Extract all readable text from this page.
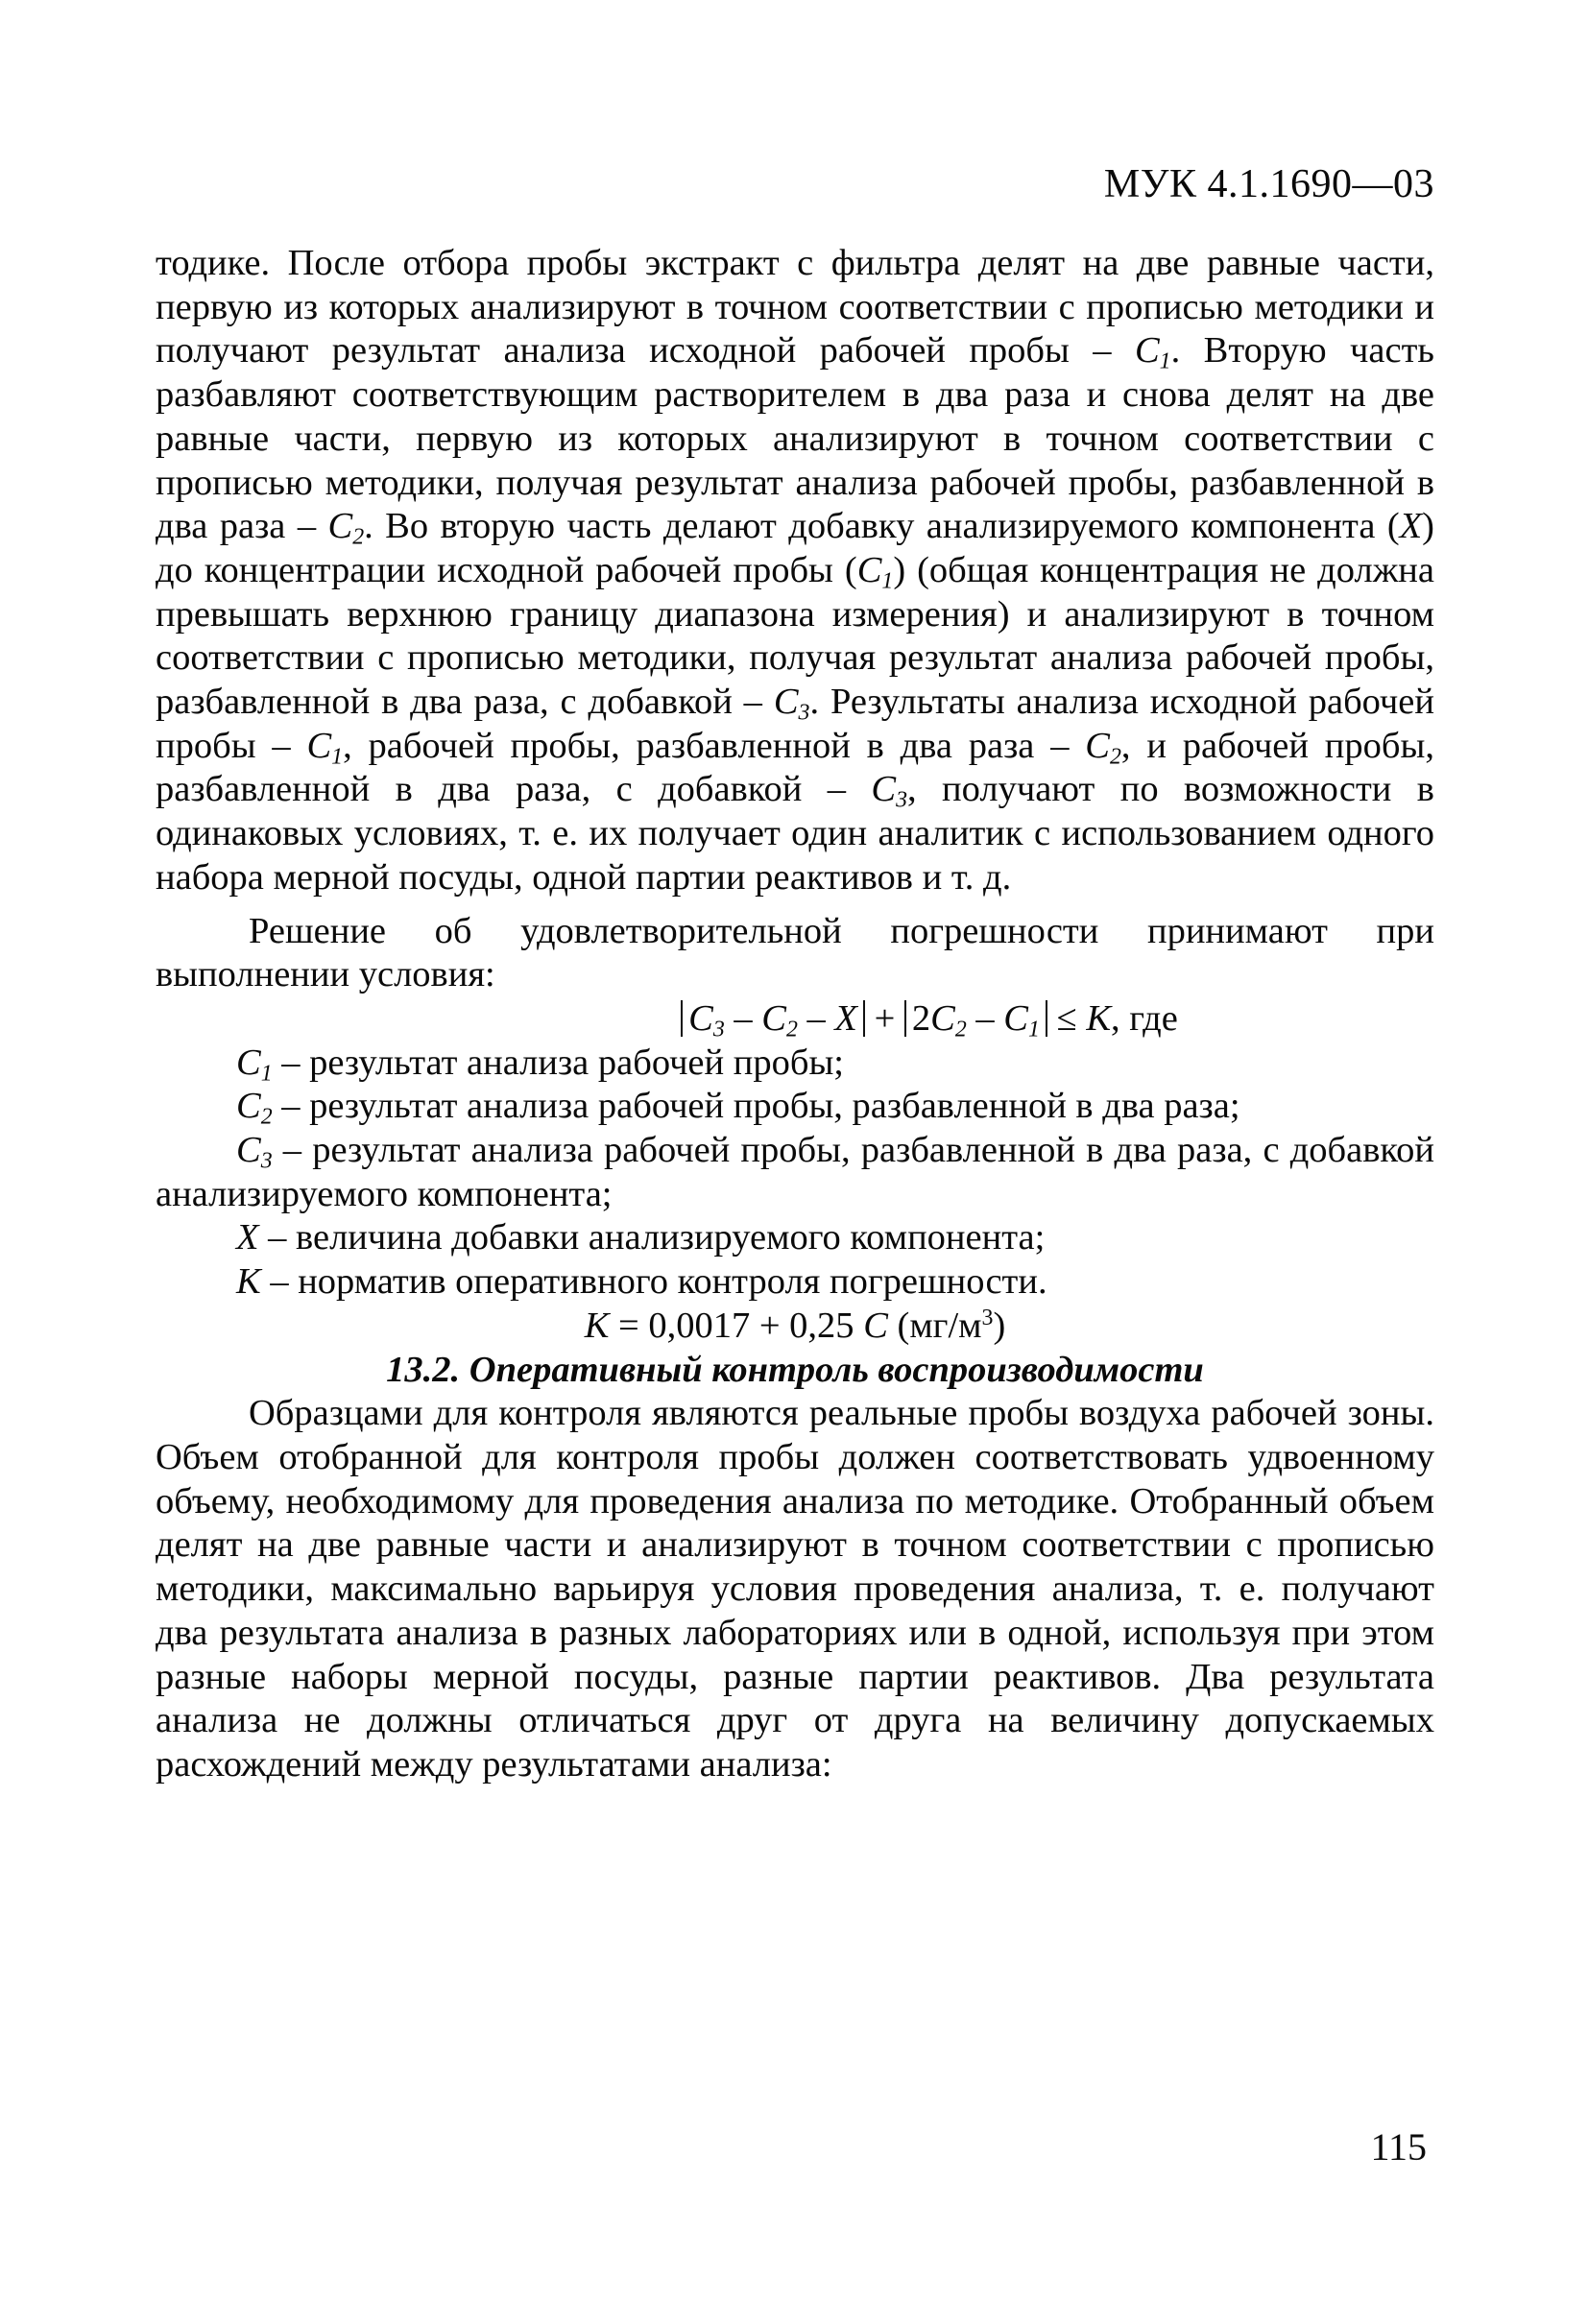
МУК 4.1.1690—03

тодике. После отбора пробы экстракт с фильтра делят на две равные части, первую из которых анализируют в точном соответствии с прописью методики и получают результат анализа исходной рабочей пробы – $C_1$. Вторую часть разбавляют соответствующим растворителем в два раза и снова делят на две равные части, первую из которых анализируют в точном соответствии с прописью методики, получая результат анализа рабочей пробы, разбавленной в два раза – $C_2$. Во вторую часть делают добавку анализируемого компонента (X) до концентрации исходной рабочей пробы $(C_1)$ (общая концентрация не должна превышать верхнюю границу диапазона измерения) и анализируют в точном соответствии с прописью методики, получая результат анализа рабочей пробы, разбавленной в два раза, с добавкой – $C_3$. Результаты анализа исходной рабочей пробы – $C_1$, рабочей пробы, разбавленной в два раза – $C_2$, и рабочей пробы, разбавленной в два раза, с добавкой – $C_3$, получают по возможности в одинаковых условиях, т. е. их получает один аналитик с использованием одного набора мерной посуды, одной партии реактивов и т. д.

Решение об удовлетворительной погрешности принимают при выполнении условия:

$C_3 - C_2 - X + 2C_2 - C_1 \le K$, где

$C_1$ – результат анализа рабочей пробы;
$C_2$ – результат анализа рабочей пробы, разбавленной в два раза;
$C_3$ – результат анализа рабочей пробы, разбавленной в два раза, с добавкой анализируемого компонента;
X – величина добавки анализируемого компонента;
K – норматив оперативного контроля погрешности.

K = 0,0017 + 0,25 C $(мг/м^3)$

13.2. Оперативный контроль воспроизводимости

Образцами для контроля являются реальные пробы воздуха рабочей зоны. Объем отобранной для контроля пробы должен соответствовать удвоенному объему, необходимому для проведения анализа по методике. Отобранный объем делят на две равные части и анализируют в точном соответствии с прописью методики, максимально варьируя условия проведения анализа, т. е. получают два результата анализа в разных лабораториях или в одной, используя при этом разные наборы мерной посуды, разные партии реактивов. Два результата анализа не должны отличаться друг от друга на величину допускаемых расхождений между результатами анализа:

115
